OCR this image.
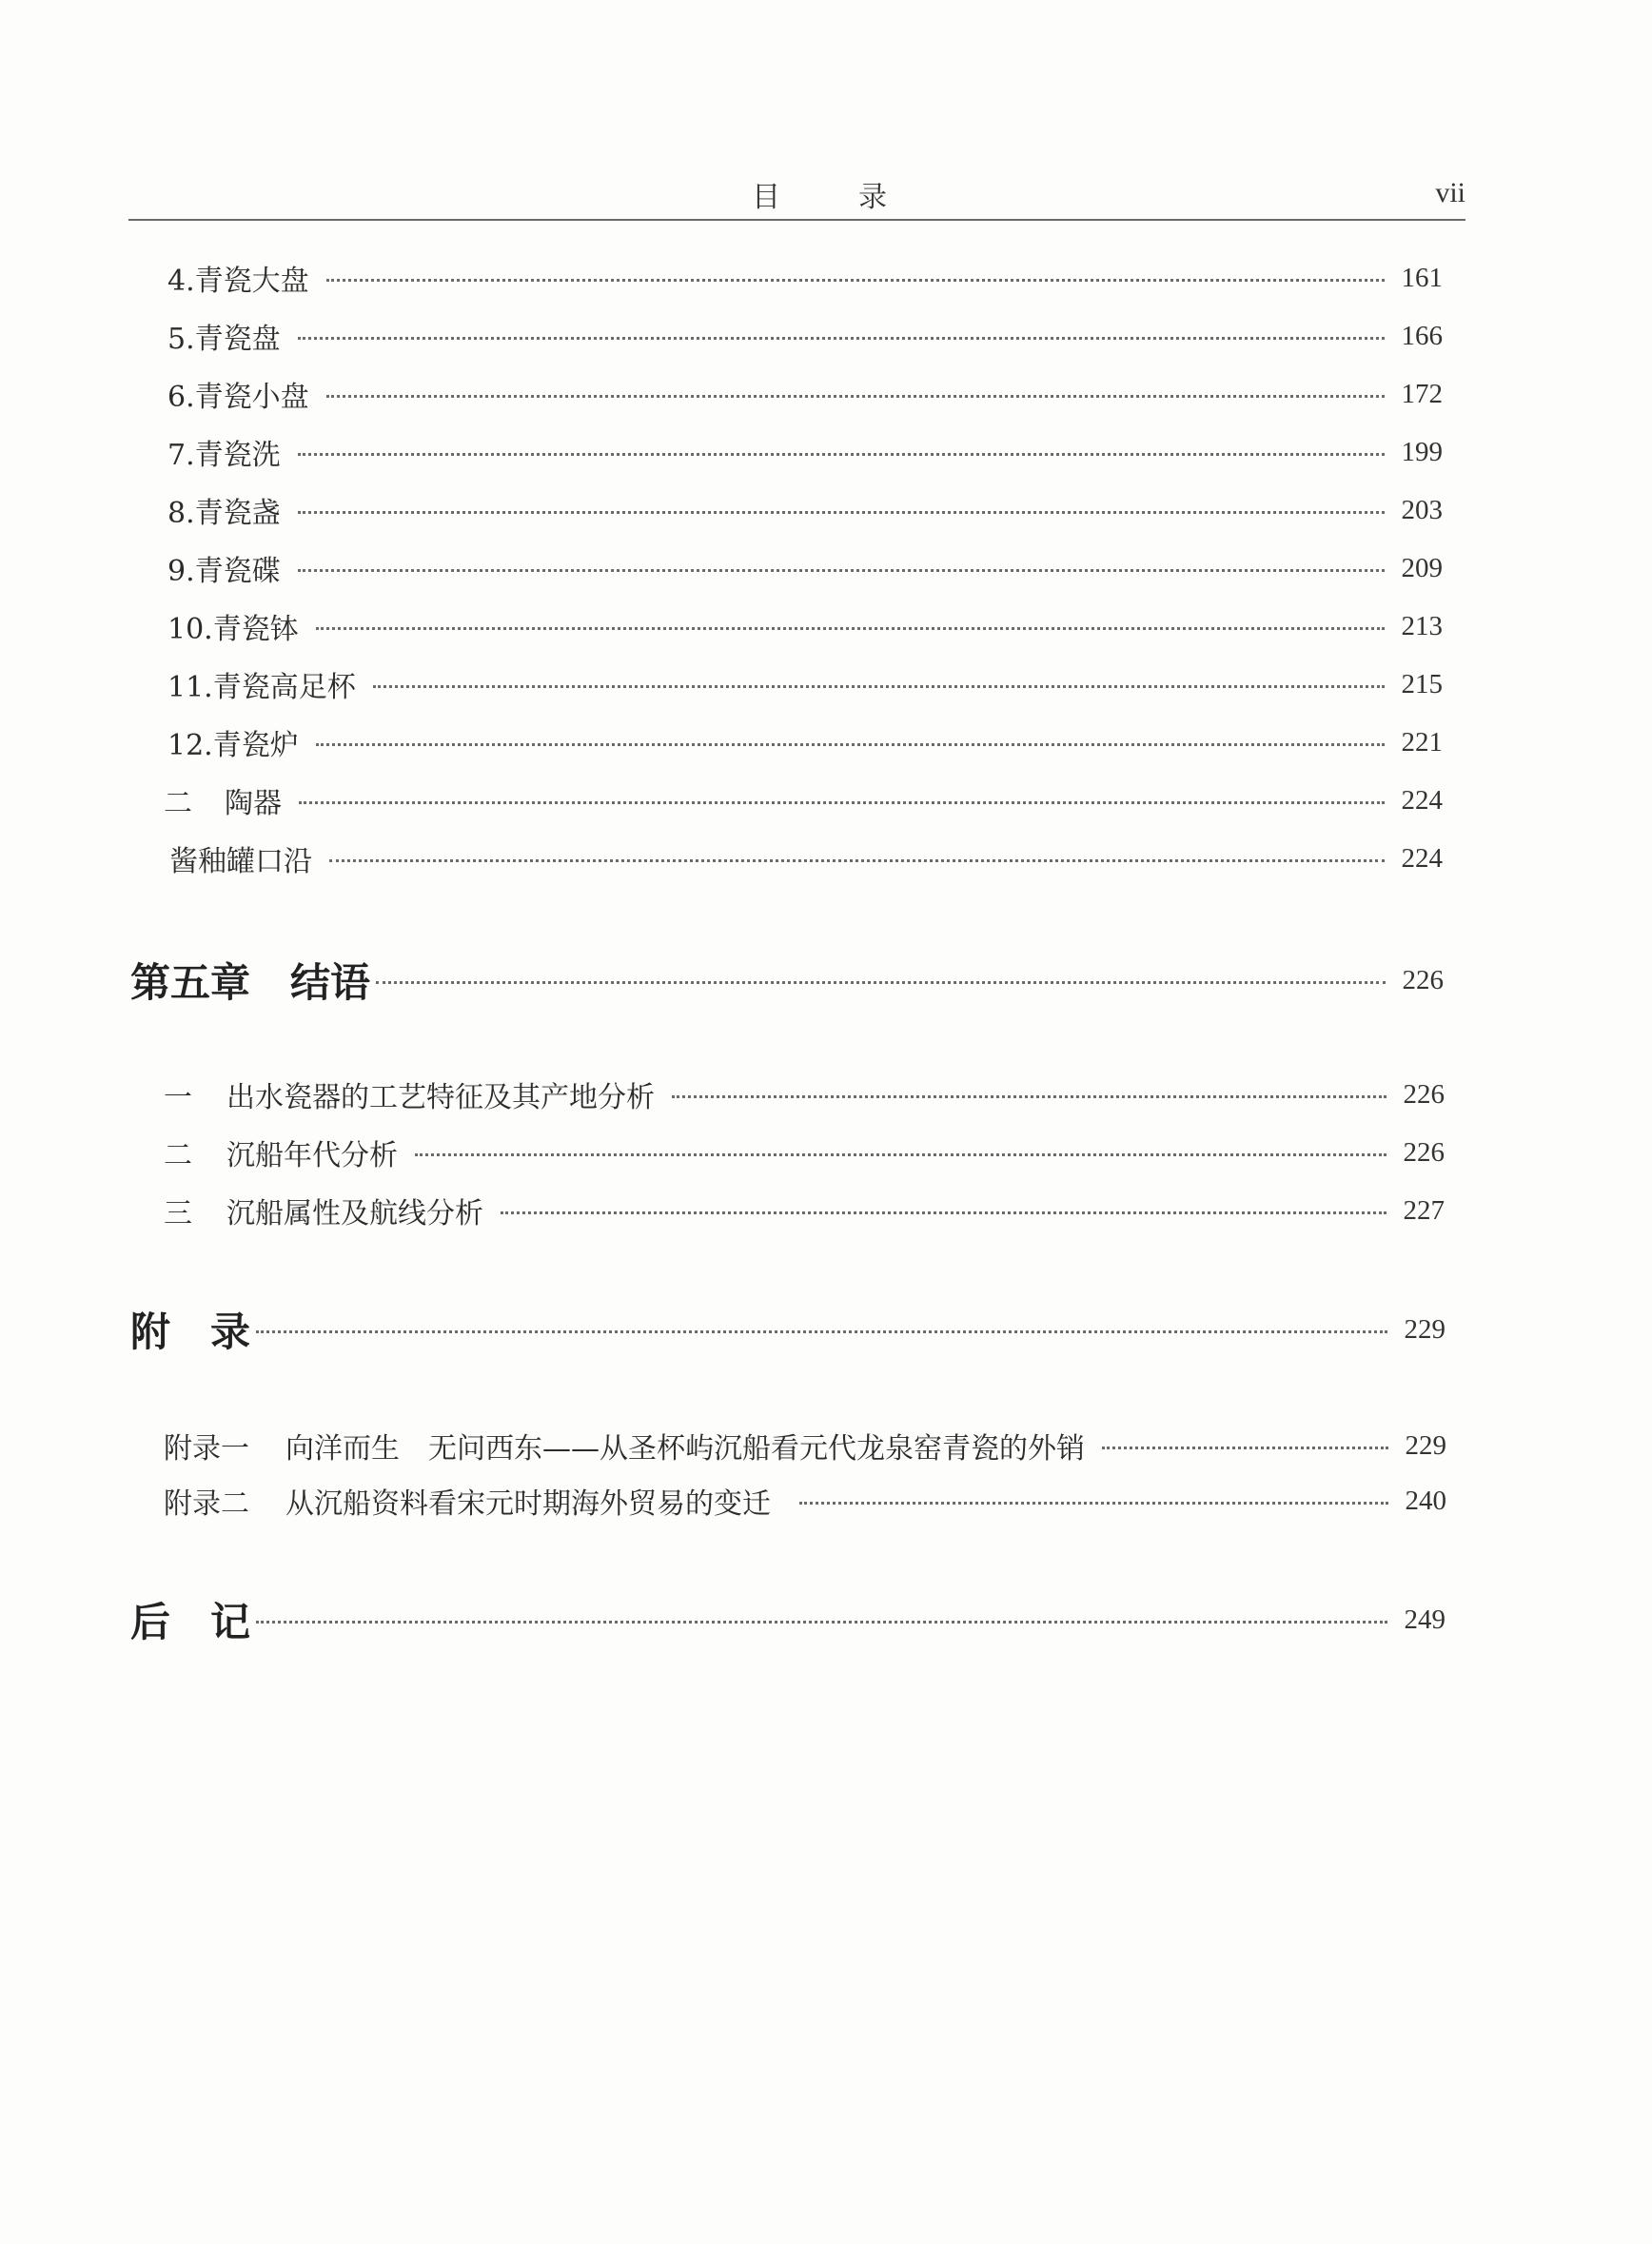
目　录	vii
4.青瓷大盘	161
5.青瓷盘	166
6.青瓷小盘	172
7.青瓷洗	199
8.青瓷盏	203
9.青瓷碟	209
10.青瓷钵	213
11.青瓷高足杯	215
12.青瓷炉	221
二	陶器	224
酱釉罐口沿	224
第五章 结语	226
一	出水瓷器的工艺特征及其产地分析	226
二	沉船年代分析	226
三	沉船属性及航线分析	227
附　录	229
附录一	向洋而生　无问西东——从圣杯屿沉船看元代龙泉窑青瓷的外销	229
附录二	从沉船资料看宋元时期海外贸易的变迁	240
后　记	249
